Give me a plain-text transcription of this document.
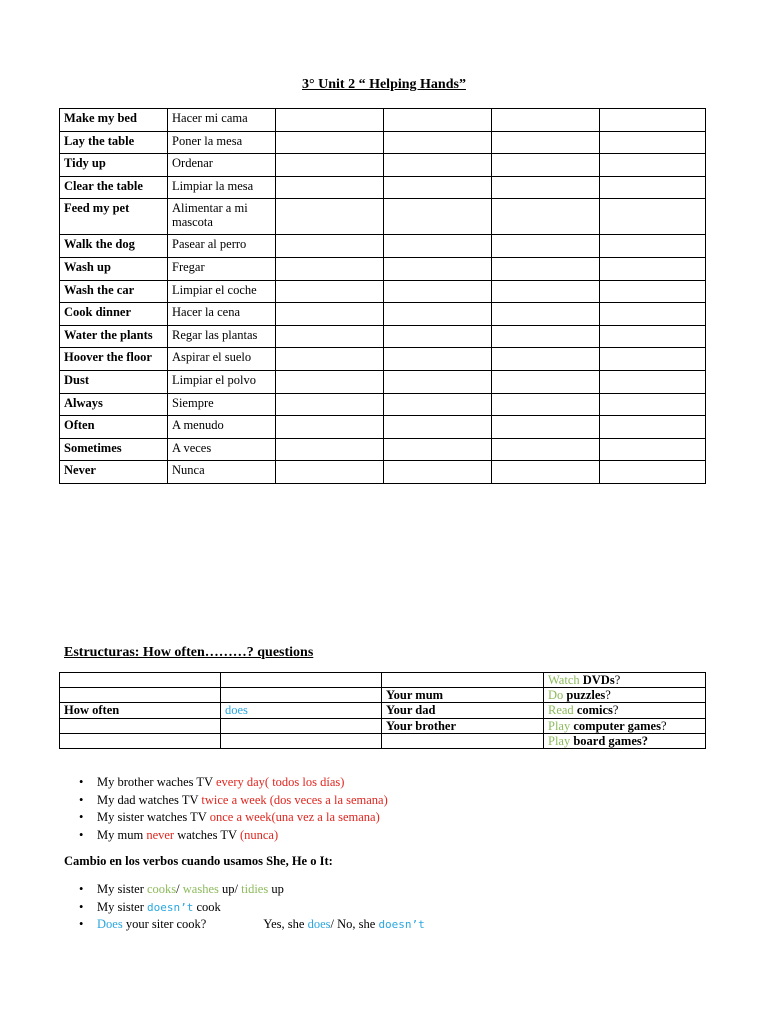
3° Unit 2 “ Helping Hands”
Make my bed	Hacer mi cama				
Lay the table	Poner la mesa				
Tidy up	Ordenar				
Clear the table	Limpiar la mesa				
Feed my pet	Alimentar a mi mascota				
Walk the dog	Pasear al perro				
Wash up	Fregar				
Wash the car	Limpiar el coche				
Cook dinner	Hacer la cena				
Water the plants	Regar las plantas				
Hoover the floor	Aspirar el suelo				
Dust	Limpiar el polvo				
Always	Siempre				
Often	A menudo				
Sometimes	A veces				
Never	Nunca				
Estructuras: How often………? questions
			Watch DVDs?
		Your mum	Do puzzles?
How often	does	Your dad	Read comics?
		Your brother	Play computer games?
			Play board games?
• My brother waches TV every day( todos los días)
• My dad watches TV twice a week (dos veces a la semana)
• My sister watches TV once a week(una vez a la semana)
• My mum never watches TV (nunca)
Cambio en los verbos cuando usamos She, He o It:
• My sister cooks/ washes up/ tidies up
• My sister doesn’t cook
• Does your siter cook?	Yes, she does/ No, she doesn’t
